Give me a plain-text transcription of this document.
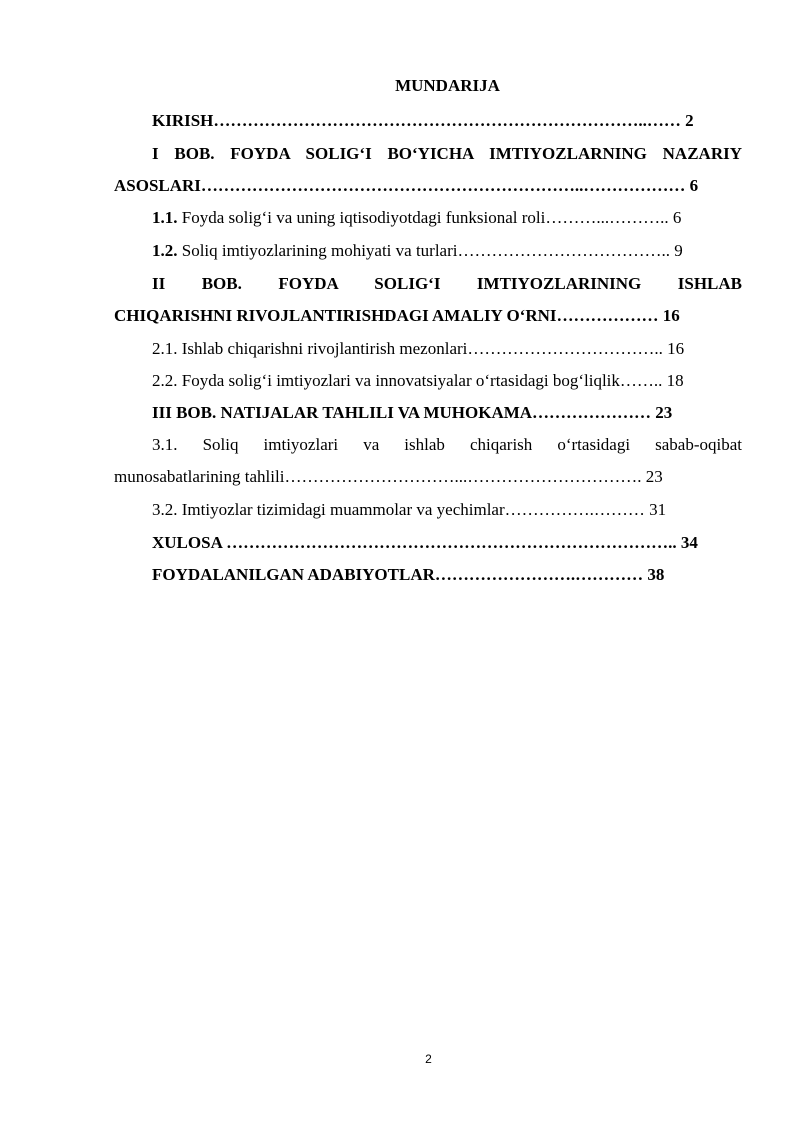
MUNDARIJA
KIRISH…………………………………………………………………..…… 2
I BOB. FOYDA SOLIG‘I BO‘YICHA IMTIYOZLARNING NAZARIY
ASOSLARI…………………………………………………………..……………… 6
1.1. Foyda solig‘i va uning iqtisodiyotdagi funksional roli………...……….. 6
1.2. Soliq imtiyozlarining mohiyati va turlari……………………………….. 9
II BOB. FOYDA SOLIG‘I IMTIYOZLARINING ISHLAB
CHIQARISHNI RIVOJLANTIRISHDAGI AMALIY O‘RNI……………… 16
2.1. Ishlab chiqarishni rivojlantirish mezonlari…………………………….. 16
2.2. Foyda solig‘i imtiyozlari va innovatsiyalar o‘rtasidagi bog‘liqlik…….. 18
III BOB. NATIJALAR TAHLILI VA MUHOKAMA………………… 23
3.1. Soliq imtiyozlari va ishlab chiqarish o‘rtasidagi sabab-oqibat
munosabatlarining tahlili…………………………...…………………………. 23
3.2. Imtiyozlar tizimidagi muammolar va yechimlar…………….……… 31
XULOSA …………………………………………………………………….. 34
FOYDALANILGAN ADABIYOTLAR…………………….………… 38
2
